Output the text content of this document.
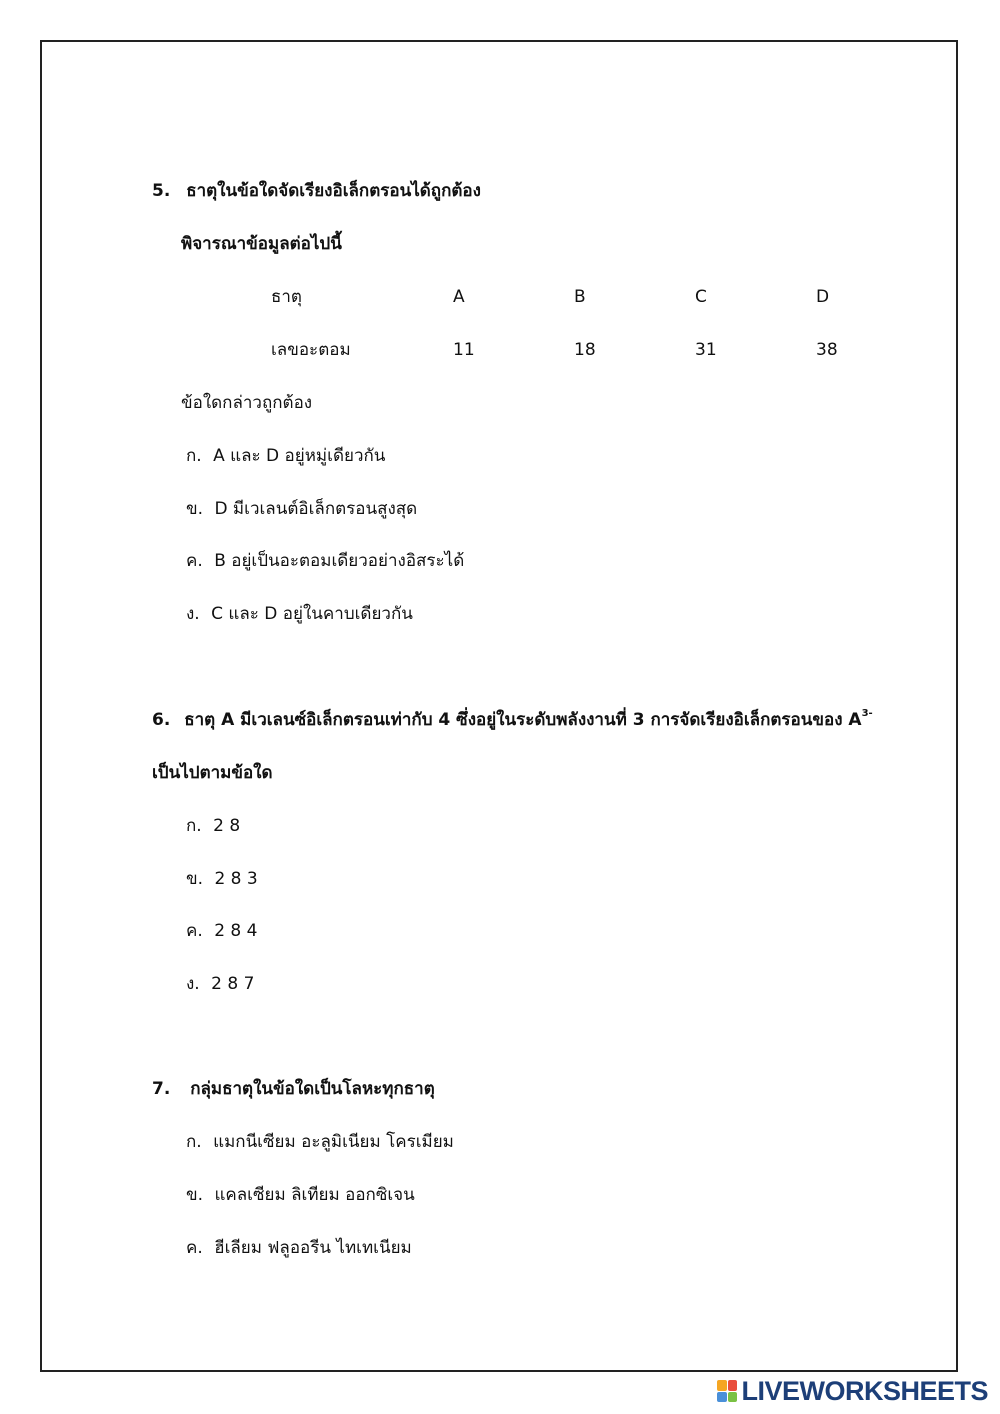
5. ธาตุในข้อใดจัดเรียงอิเล็กตรอนได้ถูกต้อง
พิจารณาข้อมูลต่อไปนี้
ธาตุ	A	B	C	D
เลขอะตอม	11	18	31	38
ข้อใดกล่าวถูกต้อง
ก. A และ D อยู่หมู่เดียวกัน
ข. D มีเวเลนต์อิเล็กตรอนสูงสุด
ค. B อยู่เป็นอะตอมเดียวอย่างอิสระได้
ง. C และ D อยู่ในคาบเดียวกัน
6. ธาตุ A มีเวเลนซ์อิเล็กตรอนเท่ากับ 4 ซึ่งอยู่ในระดับพลังงานที่ 3 การจัดเรียงอิเล็กตรอนของ $A^{3-}$
เป็นไปตามข้อใด
ก. 2 8
ข. 2 8 3
ค. 2 8 4
ง. 2 8 7
7. กลุ่มธาตุในข้อใดเป็นโลหะทุกธาตุ
ก. แมกนีเซียม อะลูมิเนียม โครเมียม
ข. แคลเซียม ลิเทียม ออกซิเจน
ค. ฮีเลียม ฟลูออรีน ไทเทเนียม
LIVEWORKSHEETS
